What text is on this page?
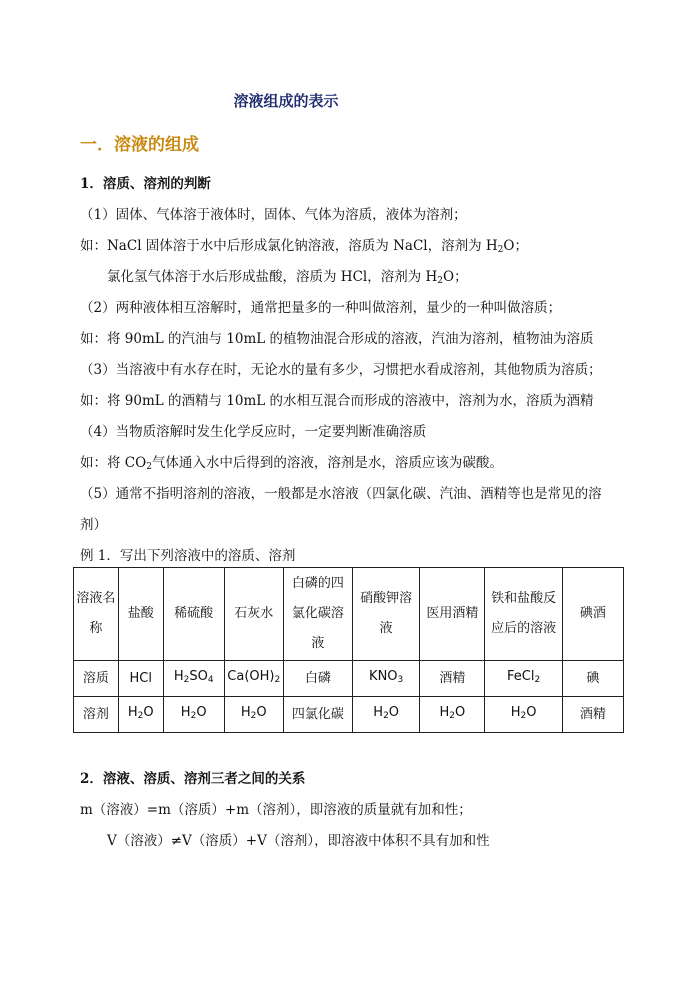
溶液组成的表示
一．溶液的组成
1．溶质、溶剂的判断
（1）固体、气体溶于液体时，固体、气体为溶质，液体为溶剂；
如：NaCl 固体溶于水中后形成氯化钠溶液，溶质为 NaCl，溶剂为 $H_2O$；
氯化氢气体溶于水后形成盐酸，溶质为 HCl，溶剂为 $H_2O$；
（2）两种液体相互溶解时，通常把量多的一种叫做溶剂，量少的一种叫做溶质；
如：将 90mL 的汽油与 10mL 的植物油混合形成的溶液，汽油为溶剂，植物油为溶质
（3）当溶液中有水存在时，无论水的量有多少，习惯把水看成溶剂，其他物质为溶质；
如：将 90mL 的酒精与 10mL 的水相互混合而形成的溶液中，溶剂为水，溶质为酒精
（4）当物质溶解时发生化学反应时，一定要判断准确溶质
如：将 $CO_2$气体通入水中后得到的溶液，溶剂是水，溶质应该为碳酸。
（5）通常不指明溶剂的溶液，一般都是水溶液（四氯化碳、汽油、酒精等也是常见的溶
剂）
例 1．写出下列溶液中的溶质、溶剂
溶液名称	盐酸	稀硫酸	石灰水	白磷的四氯化碳溶液	硝酸钾溶液	医用酒精	铁和盐酸反应后的溶液	碘酒
溶质	HCl	$H_2SO_4$	$Ca(OH)_2$	白磷	$KNO_3$	酒精	FeCl$_2$	碘
溶剂	$H_2O$	$H_2O$	$H_2O$	四氯化碳	$H_2O$	$H_2O$	$H_2O$	酒精
2．溶液、溶质、溶剂三者之间的关系
m（溶液）=m（溶质）+m（溶剂），即溶液的质量就有加和性；
V（溶液）≠V（溶质）+V（溶剂），即溶液中体积不具有加和性
